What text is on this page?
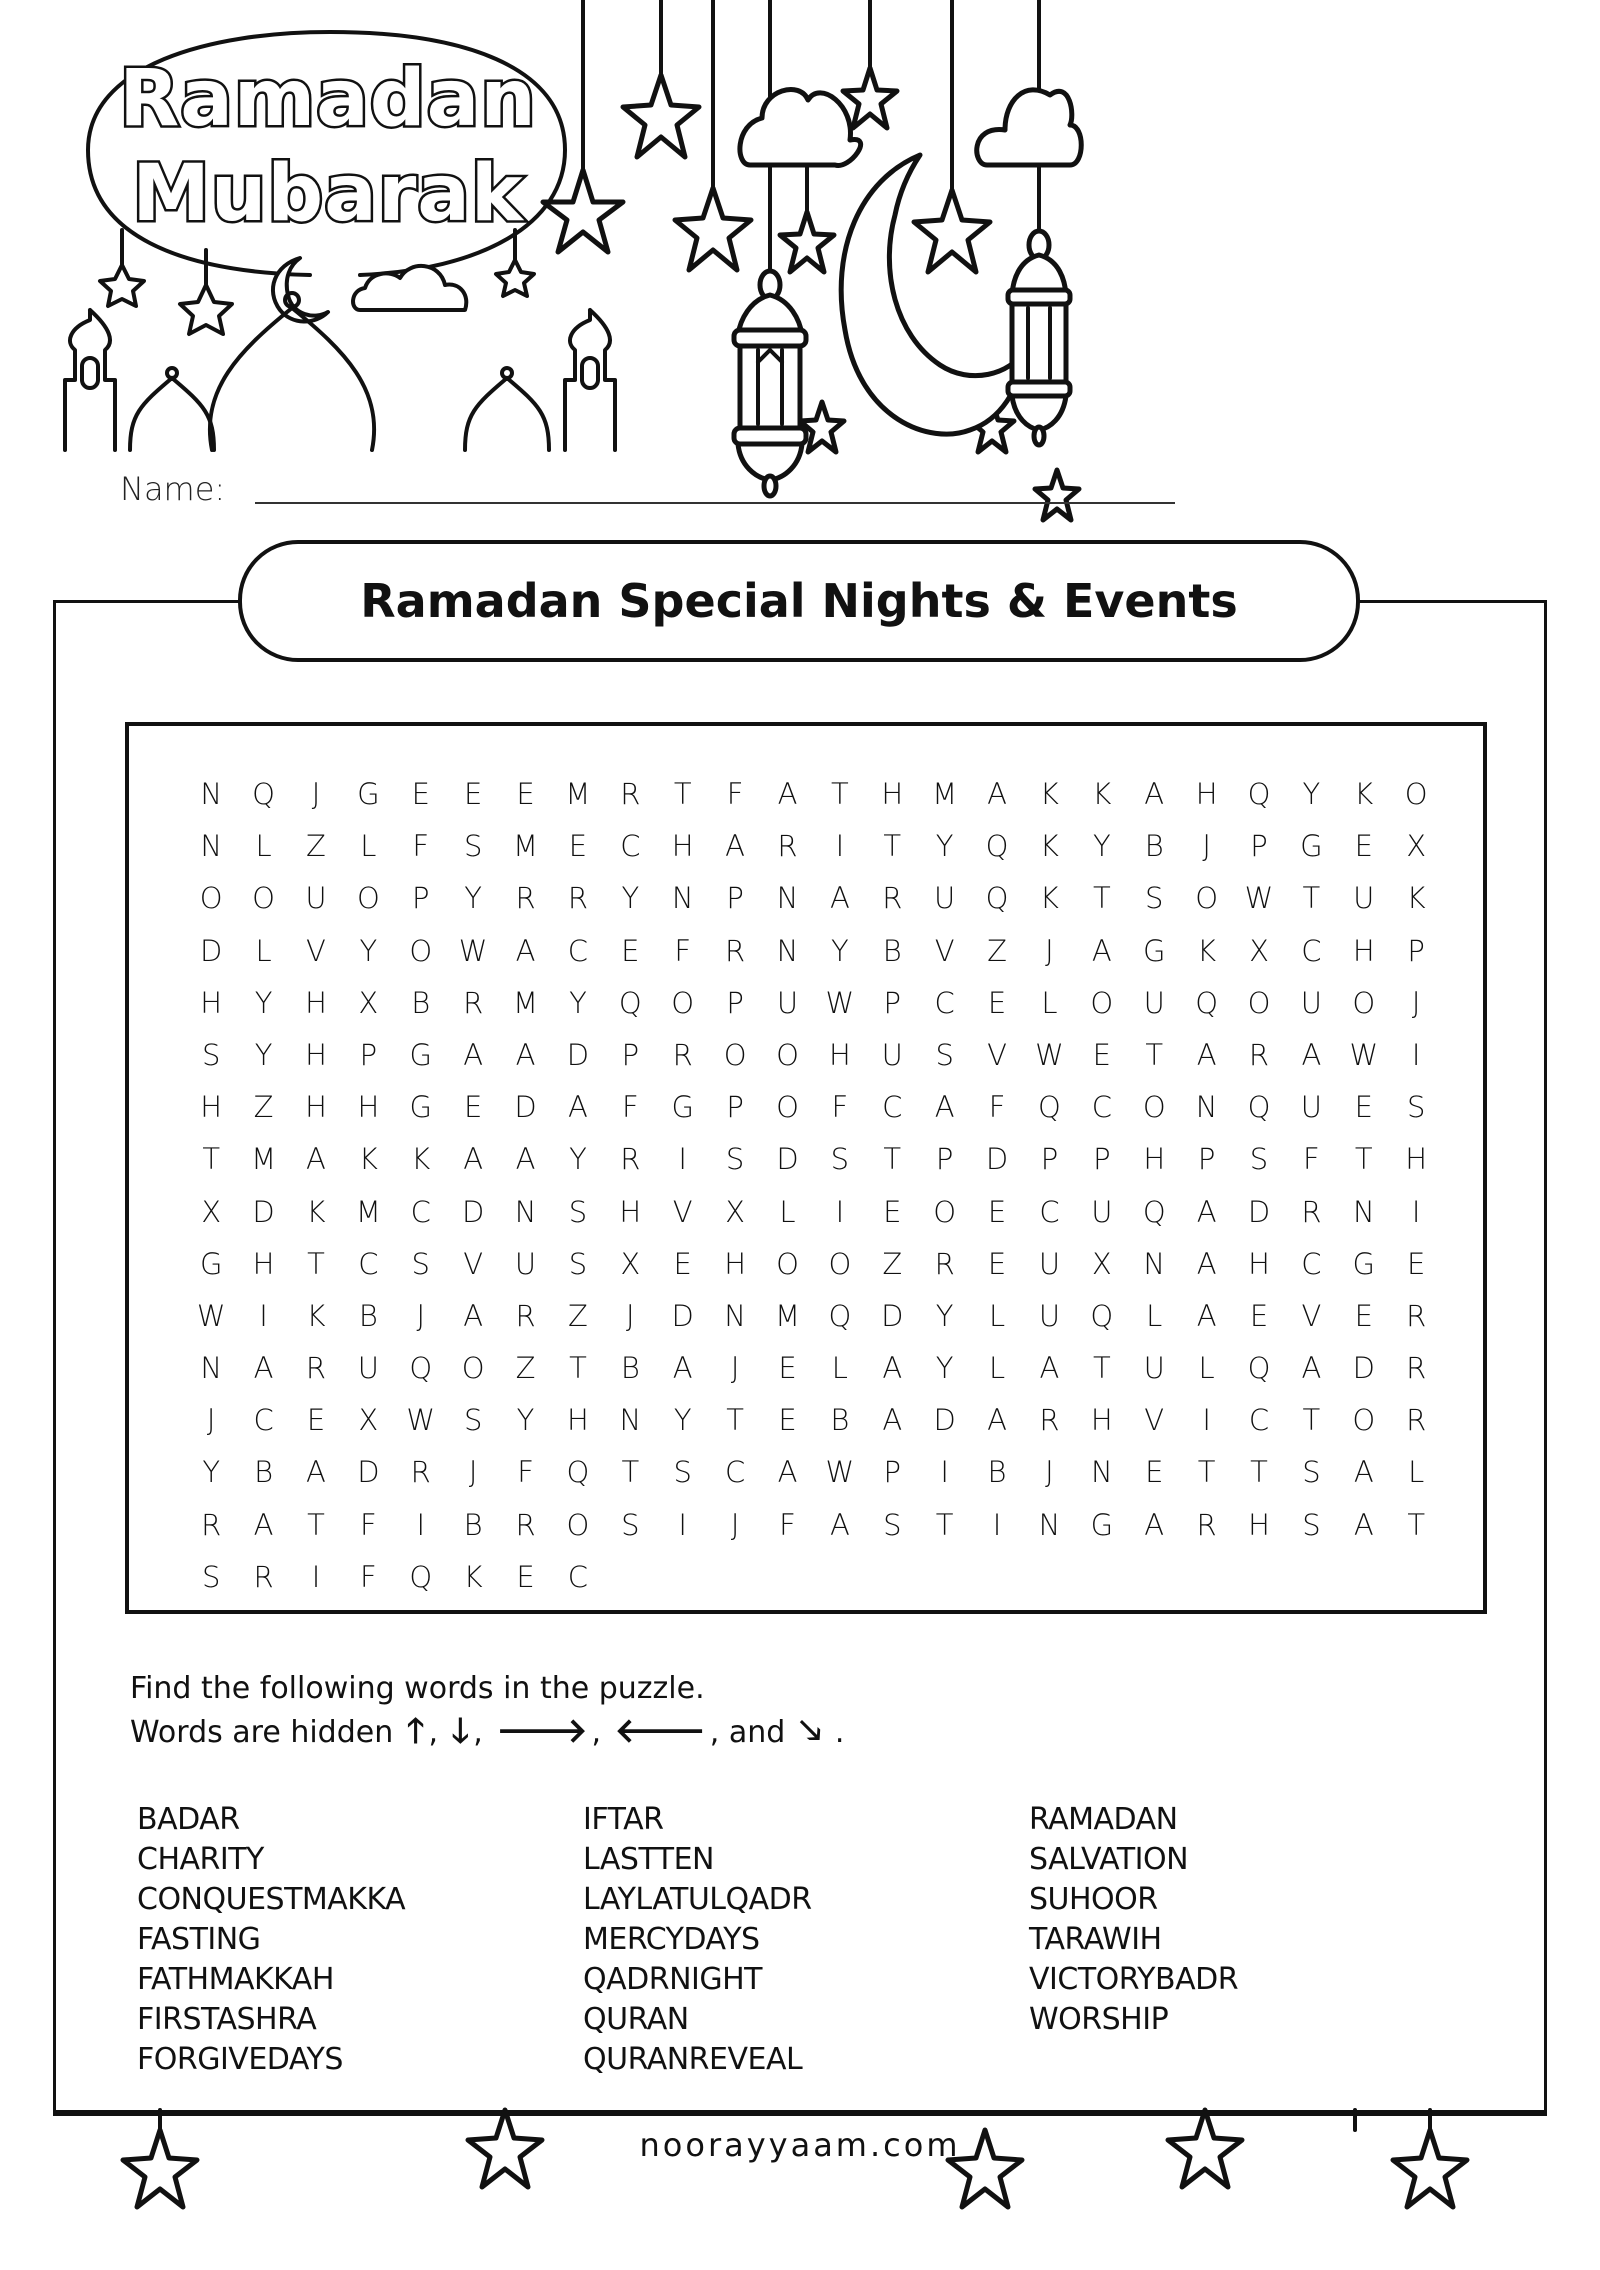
Ramadan
Mubarak
Name:
Ramadan Special Nights & Events
N	Q	J	G	E	E	E	M	R	T	F	A	T	H M	A	K	K	A	H	Q	Y	K	O
N	L	Z	L	F	S	M	E	C	H	A	R	I	T	Y	Q	K	Y	B	J	P	G	E	X
O	O	U	O	P	Y	R	R	Y	N	P	N	A	R	U	Q	K	T	S	O W	T	U	K
D	L	V	Y	O W A	C	E	F	R	N	Y	B	V	Z	J	A	G	K	X	C	H	P
H	Y	H	X	B	R	M	Y	Q	O	P	U W	P	C	E	L	O	U	Q	O	U	O	J
S	Y	H	P	G	A	A	D	P	R	O	O	H	U	S	V W E	T	A	R	A W	I
H	Z	H	H	G	E	D	A	F	G	P	O	F	C	A	F	Q	C	O	N	Q	U	E	S
T	M	A	K	K	A	A	Y	R	I	S	D	S	T	P	D	P	P	H	P	S	F	T	H
X	D	K	M	C	D	N	S	H	V	X	L	I	E	O	E	C	U	Q	A	D	R	N	I
G	H	T	C	S	V	U	S	X	E	H	O	O	Z	R	E	U	X	N	A	H	C	G	E
W	I	K	B	J	A	R	Z	J	D	N	M Q	D	Y	L	U	Q	L	A	E	V	E	R
N	A	R	U	Q	O	Z	T	B	A	J	E	L	A	Y	L	A	T	U	L	Q	A	D	R
J	C	E	X W S	Y	H	N	Y	T	E	B	A	D	A	R	H	V	I	C	T	O	R
Y	B	A	D	R	J	F	Q	T	S	C	A W	P	I	B	J	N	E	T	T	S	A	L
R	A	T	F	I	B	R	O	S	I	J	F	A	S	T	I	N	G	A	R	H	S	A	T
S	R	I	F	Q	K	E	C
Find the following words in the puzzle.
Words are hidden 🡑 , 🡓 , 🡒 , 🡐 , and 🡖 .
BADAR
CHARITY
CONQUESTMAKKA
FASTING
FATHMAKKAH
FIRSTASHRA
FORGIVEDAYS
IFTAR
LASTTEN
LAYLATULQADR
MERCYDAYS
QADRNIGHT
QURAN
QURANREVEAL
RAMADAN
SALVATION
SUHOOR
TARAWIH
VICTORYBADR
WORSHIP
noorayyaam.com
